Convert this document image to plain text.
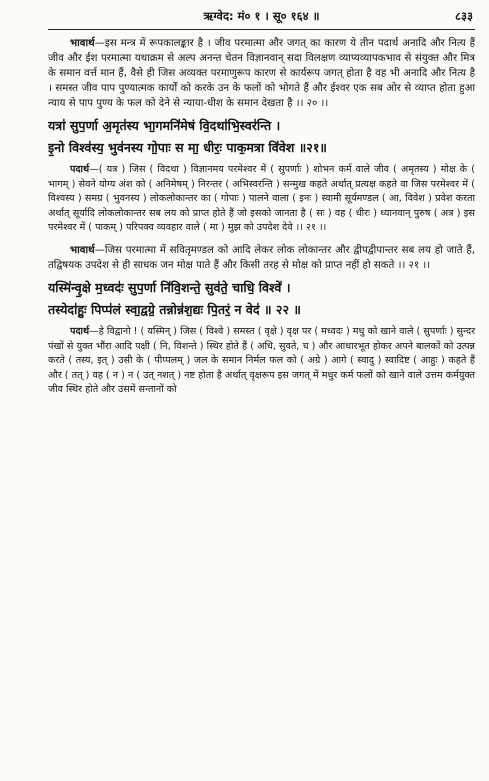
ऋग्वेद: मं० १ । सू० १६४ ॥	८३३

भावार्थ—इस मन्त्र में रूपकालङ्कार है । जीव परमात्मा और जगत् का कारण ये तीन पदार्थ अनादि और नित्य हैं जीव और ईश परमात्मा यथाक्रम से अल्प अनन्त चेतन विज्ञानवान् सदा विलक्षण व्याप्यव्यापकभाव से संयुक्त और मित्र के समान वर्त्त मान हैं, वैसे ही जिस अव्यक्त परमाणुरूप कारण से कार्यरूप जगत् होता है वह भी अनादि और नित्य है । समस्त जीव पाप पुण्यात्मक कार्यों को करके उन के फलों को भोगते हैं और ईश्वर एक सब ओर से व्याप्त होता हुआ न्याय से पाप पुण्य के फल को देने से न्याया-धीश के समान देखता है ।। २० ।।

यत्रा॑ सुप॒र्णा अ॒मृत॑स्य भा॒गमनि॑मेषं वि॒दथा॑भि॒स्वर॑न्ति ।
इ॒नो विश्व॑स्य॒ भुव॑नस्य गो॒पाः स मा॒ धीरः॒ पाक॒मत्रा वि॑वेश ॥२१॥

पदार्थ—( यत्र ) जिस ( विदथा ) विज्ञानमय परमेश्वर में ( सुपर्णाः ) शोभन कर्म वाले जीव ( अमृतस्य ) मोक्ष के ( भागम् ) सेवने योग्य अंश को ( अनिमेषम् ) निरन्तर ( अभिस्वरन्ति ) सन्मुख कहते अर्थात् प्रत्यक्ष कहते वा जिस परमेश्वर में ( विश्वस्य ) समग्र ( भुवनस्य ) लोकलोकान्तर का ( गोपाः ) पालने वाला ( इनः ) स्वामी सूर्यमण्डल ( आ, विवेश ) प्रवेश करता अर्थात् सूर्यादि लोकलोकान्तर सब लय को प्राप्त होते हैं जो इसको जानता है ( सः ) वह ( धीरः ) ध्यानवान् पुरुष ( अत्र ) इस परमेश्वर में ( पाकम् ) परिपक्व व्यवहार वाले ( मा ) मुझ को उपदेश देवे ।। २१ ।।

भावार्थ—जिस परमात्मा में सवितृमण्डल को आदि लेकर लोक लोकान्तर और द्वीपद्वीपान्तर सब लय हो जाते हैं, तद्विषयक उपदेश से ही साधक जन मोक्ष पाते हैं और किसी तरह से मोक्ष को प्राप्त नहीं हो सकते ।। २१ ।।

यस्मि॑न्वृ॒क्षे म॒ध्वदः॑ सुप॒र्णा नि॑वि॒शन्ते॒ सुव॑ते॒ चाधि॒ विश्वे॑ ।
तस्येदा॑हुः॒ पिप्प॑लं स्वा॒द्वग्रे॒ तन्नोन्न॑श॒द्यः पि॒तरं॒ न वेद॑ ॥ २२ ॥

पदार्थ—हे विद्वानो ! ( यस्मिन् ) जिस ( विश्वे ) समस्त ( वृक्षे ) वृक्ष पर ( मध्वदः ) मधु को खाने वाले ( सुपर्णाः ) सुन्दर पंखों से युक्त भौंरा आदि पक्षी ( नि, विशन्ते ) स्थिर होते हैं ( अधि, सुवते, च ) और आधारभूत होकर अपने बालकों को उत्पन्न करते ( तस्य, इत् ) उसी के ( पीप्पलम् ) जल के समान निर्मल फल को ( अग्रे ) आगे ( स्वादु ) स्वादिष्ट ( आहुः ) कहते हैं और ( तत् ) वह ( न ) न ( उत् नशत् ) नष्ट होता है अर्थात् वृक्षरूप इस जगत् में मधुर कर्म फलों को खाने वाले उत्तम कर्मयुक्त जीव स्थिर होते और उसमें सन्तानों को
